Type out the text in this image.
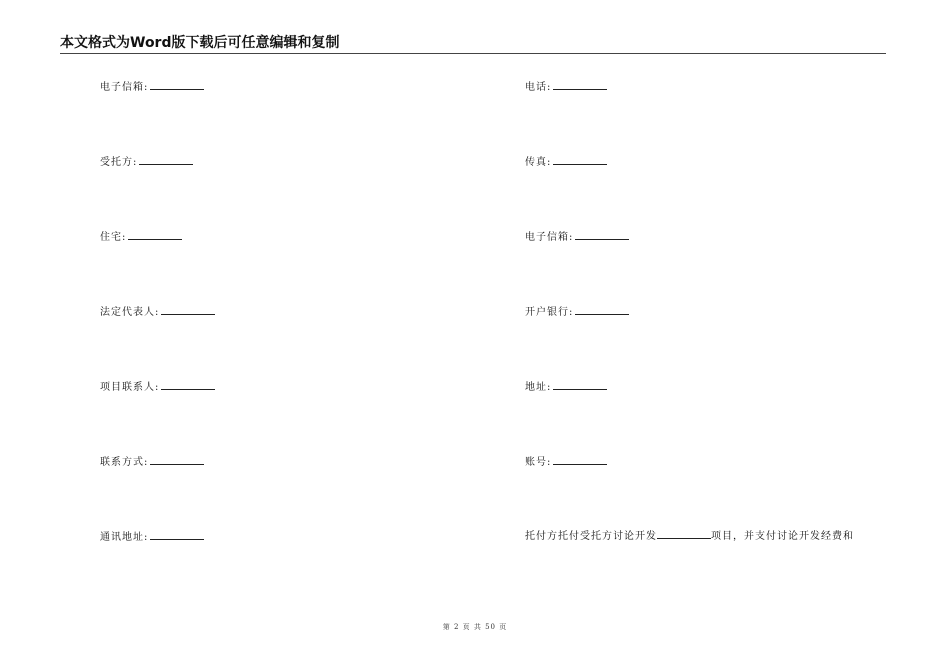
本文格式为Word版下载后可任意编辑和复制
电子信箱:
受托方:
住宅:
法定代表人:
项目联系人:
联系方式:
通讯地址:
电话:
传真:
电子信箱:
开户银行:
地址:
账号:
托付方托付受托方讨论开发	项目，并支付讨论开发经费和
第 2 页 共 50 页
